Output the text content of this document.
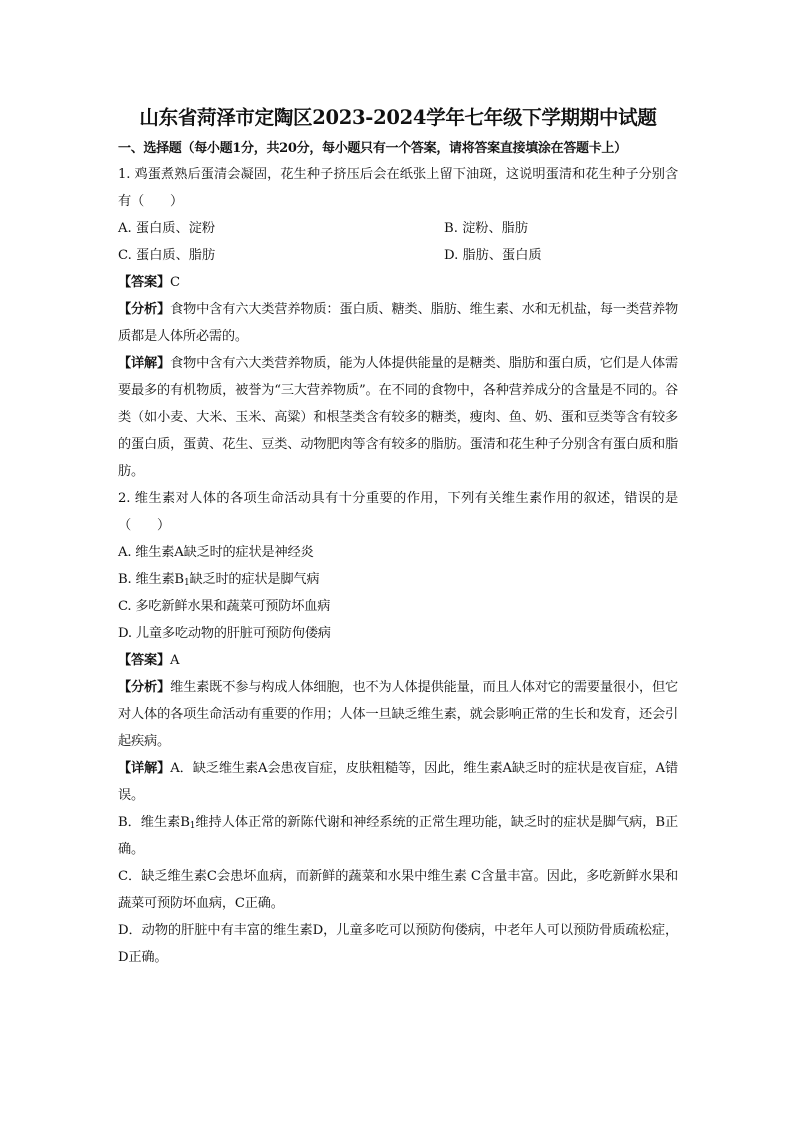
山东省菏泽市定陶区2023-2024学年七年级下学期期中试题
一、选择题（每小题1分，共20分，每小题只有一个答案，请将答案直接填涂在答题卡上）
1. 鸡蛋煮熟后蛋清会凝固，花生种子挤压后会在纸张上留下油斑，这说明蛋清和花生种子分别含有（　　）
A. 蛋白质、淀粉	B. 淀粉、脂肪
C. 蛋白质、脂肪	D. 脂肪、蛋白质
【答案】C
【分析】食物中含有六大类营养物质：蛋白质、糖类、脂肪、维生素、水和无机盐，每一类营养物质都是人体所必需的。
【详解】食物中含有六大类营养物质，能为人体提供能量的是糖类、脂肪和蛋白质，它们是人体需要最多的有机物质，被誉为“三大营养物质”。在不同的食物中，各种营养成分的含量是不同的。谷类（如小麦、大米、玉米、高粱）和根茎类含有较多的糖类，瘦肉、鱼、奶、蛋和豆类等含有较多的蛋白质，蛋黄、花生、豆类、动物肥肉等含有较多的脂肪。蛋清和花生种子分别含有蛋白质和脂肪。
2. 维生素对人体的各项生命活动具有十分重要的作用，下列有关维生素作用的叙述，错误的是（　　）
A. 维生素A缺乏时的症状是神经炎
B. 维生素$B_1$缺乏时的症状是脚气病
C. 多吃新鲜水果和蔬菜可预防坏血病
D. 儿童多吃动物的肝脏可预防佝偻病
【答案】A
【分析】维生素既不参与构成人体细胞，也不为人体提供能量，而且人体对它的需要量很小，但它对人体的各项生命活动有重要的作用；人体一旦缺乏维生素，就会影响正常的生长和发育，还会引起疾病。
【详解】A．缺乏维生素A会患夜盲症，皮肤粗糙等，因此，维生素A缺乏时的症状是夜盲症，A错误。
B．维生素$B_1$维持人体正常的新陈代谢和神经系统的正常生理功能，缺乏时的症状是脚气病，B正确。
C．缺乏维生素C会患坏血病，而新鲜的蔬菜和水果中维生素 C含量丰富。因此，多吃新鲜水果和蔬菜可预防坏血病，C正确。
D．动物的肝脏中有丰富的维生素D，儿童多吃可以预防佝偻病，中老年人可以预防骨质疏松症，D正确。
